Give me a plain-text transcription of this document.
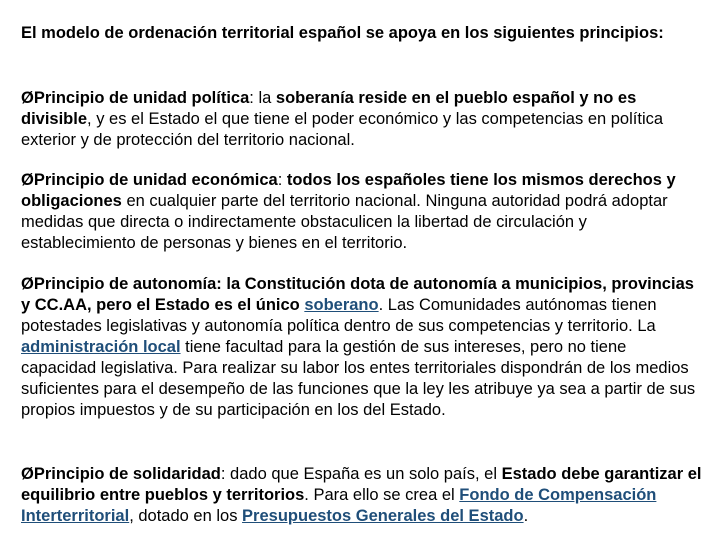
El modelo de ordenación territorial español se apoya en los siguientes principios:

ØPrincipio de unidad política: la soberanía reside en el pueblo español y no es divisible, y es el Estado el que tiene el poder económico y las competencias en política exterior y de protección del territorio nacional.

ØPrincipio de unidad económica: todos los españoles tiene los mismos derechos y obligaciones en cualquier parte del territorio nacional. Ninguna autoridad podrá adoptar medidas que directa o indirectamente obstaculicen la libertad de circulación y establecimiento de personas y bienes en el territorio.

ØPrincipio de autonomía: la Constitución dota de autonomía a municipios, provincias y CC.AA, pero el Estado es el único soberano. Las Comunidades autónomas tienen potestades legislativas y autonomía política dentro de sus competencias y territorio. La administración local tiene facultad para la gestión de sus intereses, pero no tiene capacidad legislativa. Para realizar su labor los entes territoriales dispondrán de los medios suficientes para el desempeño de las funciones que la ley les atribuye ya sea a partir de sus propios impuestos y de su participación en los del Estado.

ØPrincipio de solidaridad: dado que España es un solo país, el Estado debe garantizar el equilibrio entre pueblos y territorios. Para ello se crea el Fondo de Compensación Interterritorial, dotado en los Presupuestos Generales del Estado.
